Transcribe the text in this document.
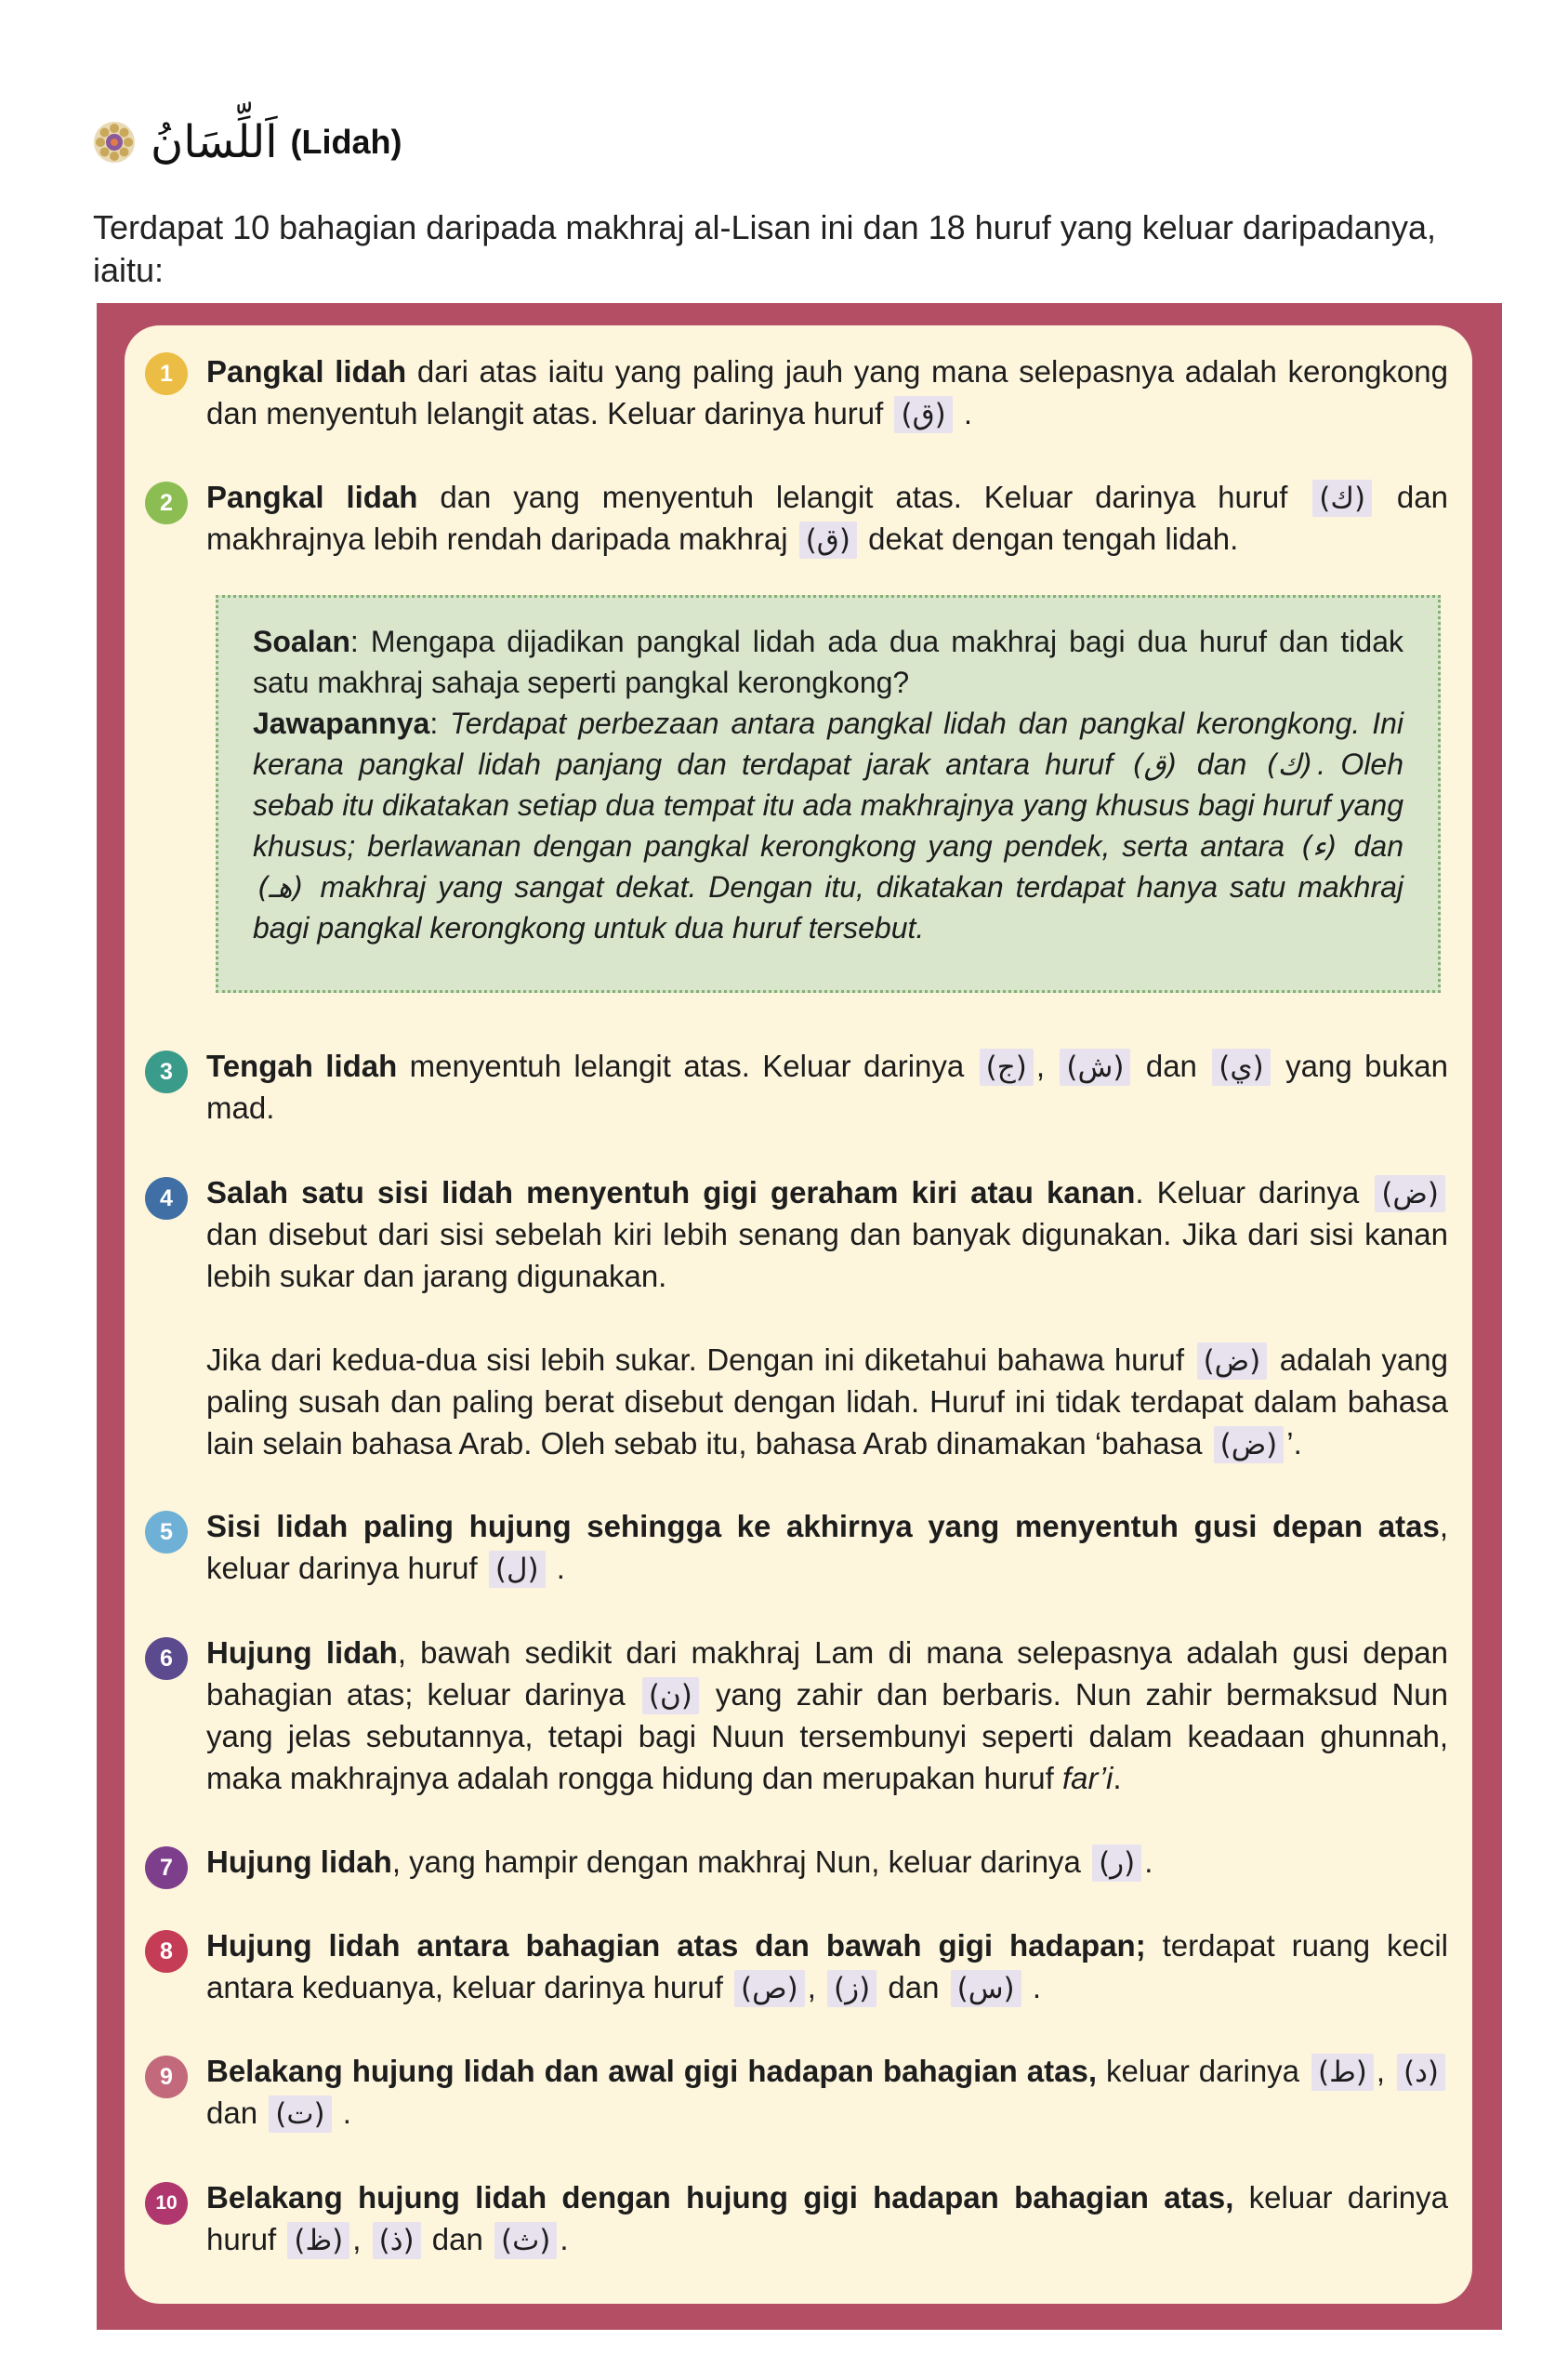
اَللِّسَانُ (Lidah)
Terdapat 10 bahagian daripada makhraj al-Lisan ini dan 18 huruf yang keluar daripadanya, iaitu:
1	Pangkal lidah dari atas iaitu yang paling jauh yang mana selepasnya adalah kerongkong dan menyentuh lelangit atas. Keluar darinya huruf (ق) .
2	Pangkal lidah dan yang menyentuh lelangit atas. Keluar darinya huruf (ك) dan makhrajnya lebih rendah daripada makhraj (ق) dekat dengan tengah lidah.
Soalan: Mengapa dijadikan pangkal lidah ada dua makhraj bagi dua huruf dan tidak satu makhraj sahaja seperti pangkal kerongkong?
Jawapannya: Terdapat perbezaan antara pangkal lidah dan pangkal kerongkong. Ini kerana pangkal lidah panjang dan terdapat jarak antara huruf (ق) dan (ك) . Oleh sebab itu dikatakan setiap dua tempat itu ada makhrajnya yang khusus bagi huruf yang khusus; berlawanan dengan pangkal kerongkong yang pendek, serta antara (ء) dan (هـ) makhraj yang sangat dekat. Dengan itu, dikatakan terdapat hanya satu makhraj bagi pangkal kerongkong untuk dua huruf tersebut.
3	Tengah lidah menyentuh lelangit atas. Keluar darinya (ج) , (ش) dan (ي) yang bukan mad.
4	Salah satu sisi lidah menyentuh gigi geraham kiri atau kanan. Keluar darinya (ض) dan disebut dari sisi sebelah kiri lebih senang dan banyak digunakan. Jika dari sisi kanan lebih sukar dan jarang digunakan.
Jika dari kedua-dua sisi lebih sukar. Dengan ini diketahui bahawa huruf (ض) adalah yang paling susah dan paling berat disebut dengan lidah. Huruf ini tidak terdapat dalam bahasa lain selain bahasa Arab. Oleh sebab itu, bahasa Arab dinamakan ‘bahasa (ض) ’.
5	Sisi lidah paling hujung sehingga ke akhirnya yang menyentuh gusi depan atas, keluar darinya huruf (ل) .
6	Hujung lidah, bawah sedikit dari makhraj Lam di mana selepasnya adalah gusi depan bahagian atas; keluar darinya (ن) yang zahir dan berbaris. Nun zahir bermaksud Nun yang jelas sebutannya, tetapi bagi Nuun tersembunyi seperti dalam keadaan ghunnah, maka makhrajnya adalah rongga hidung dan merupakan huruf far’i.
7	Hujung lidah, yang hampir dengan makhraj Nun, keluar darinya (ر) .
8	Hujung lidah antara bahagian atas dan bawah gigi hadapan; terdapat ruang kecil antara keduanya, keluar darinya huruf (ص) , (ز) dan (س) .
9	Belakang hujung lidah dan awal gigi hadapan bahagian atas, keluar darinya (ط) , (د) dan (ت) .
10 Belakang hujung lidah dengan hujung gigi hadapan bahagian atas, keluar darinya huruf (ظ) , (ذ) dan (ث) .
